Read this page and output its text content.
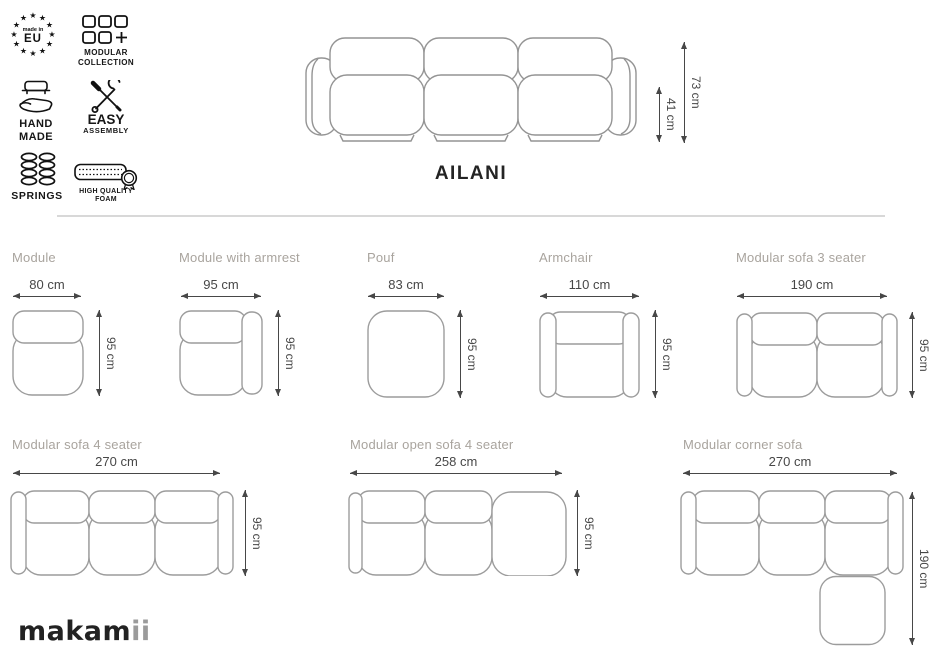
★ ★
★
★
★
★
★
★
★
★
★
★
made in
EU
MODULAR
COLLECTION
HAND
MADE
EASY
ASSEMBLY
SPRINGS	HIGH QUALITY
FOAM
41 cm
73 cm
AILANI
Module
80 cm
95 cm
Module with armrest
95 cm
95 cm
Pouf
83 cm
95 cm
Armchair
110 cm
95 cm
Modular sofa 3 seater
190 cm
95 cm
Modular sofa 4 seater
270 cm
95 cm
Modular open sofa 4 seater
258 cm
95 cm
Modular corner sofa
270 cm
190 cm
makamii
